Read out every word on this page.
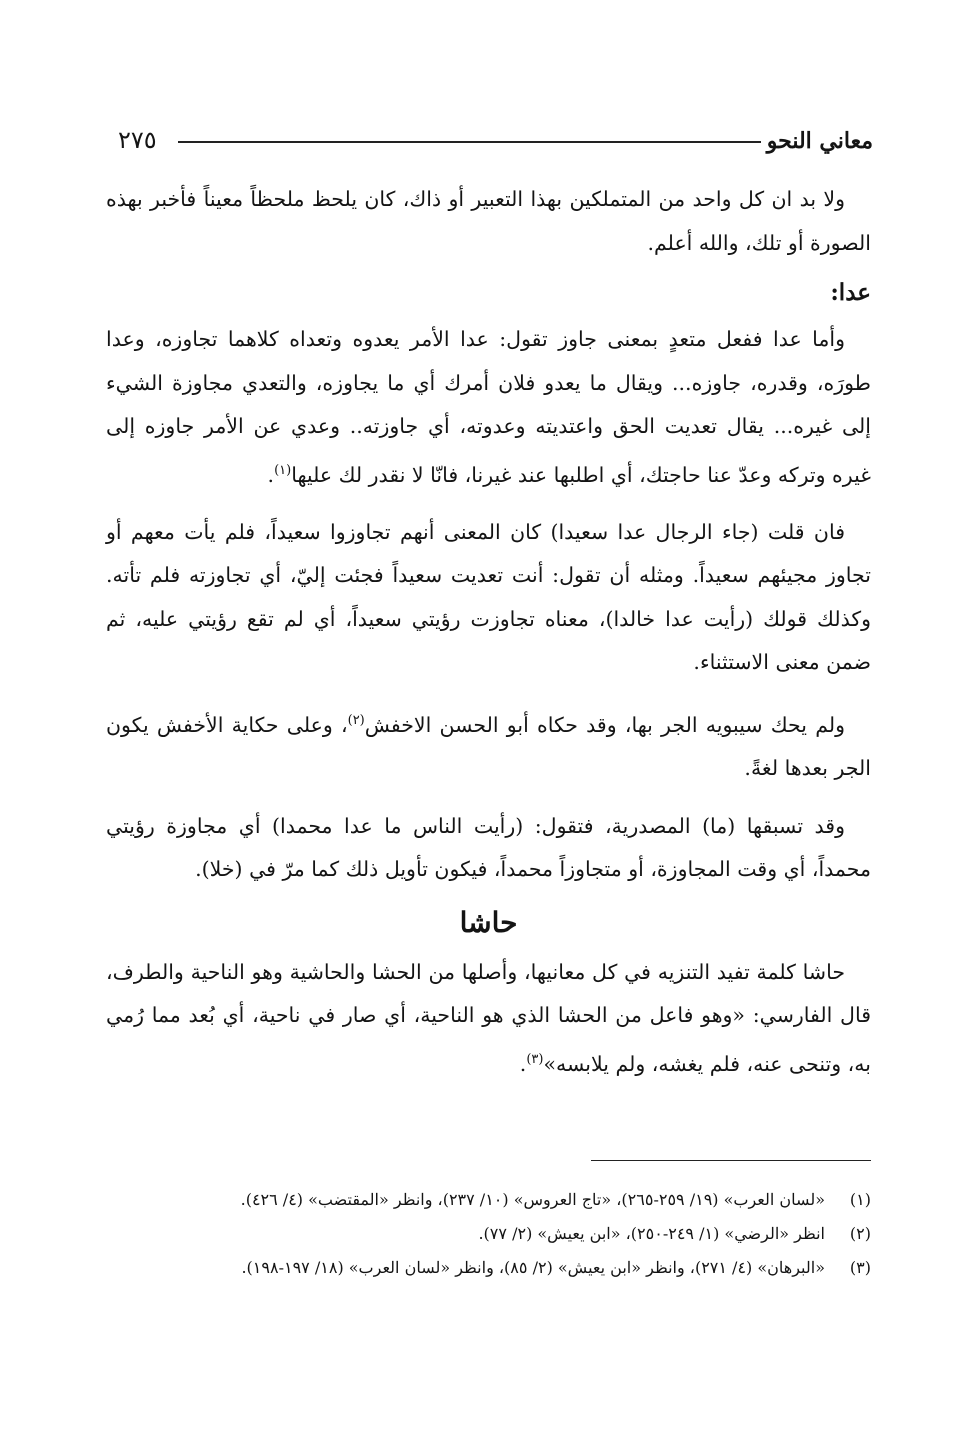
معاني النحو
٢٧٥

ولا بد ان كل واحد من المتملكين بهذا التعبير أو ذاك، كان يلحظ ملحظاً معيناً فأخبر بهذه الصورة أو تلك، والله أعلم.

عدا:

وأما عدا ففعل متعدٍ بمعنى جاوز تقول: عدا الأمر يعدوه وتعداه كلاهما تجاوزه، وعدا طورَه، وقدره، جاوزه... ويقال ما يعدو فلان أمرك أي ما يجاوزه، والتعدي مجاوزة الشيء إلى غيره... يقال تعديت الحق واعتديته وعدوته، أي جاوزته.. وعدي عن الأمر جاوزه إلى غيره وتركه وعدّ عنا حاجتك، أي اطلبها عند غيرنا، فانّا لا نقدر لك عليها$^{(١)}$.

فان قلت (جاء الرجال عدا سعيدا) كان المعنى أنهم تجاوزوا سعيداً، فلم يأت معهم أو تجاوز مجيئهم سعيداً. ومثله أن تقول: أنت تعديت سعيداً فجئت إليّ، أي تجاوزته فلم تأته. وكذلك قولك (رأيت عدا خالدا)، معناه تجاوزت رؤيتي سعيداً، أي لم تقع رؤيتي عليه، ثم ضمن معنى الاستثناء.

ولم يحك سيبويه الجر بها، وقد حكاه أبو الحسن الاخفش$^{(٢)}$، وعلى حكاية الأخفش يكون الجر بعدها لغةً.

وقد تسبقها (ما) المصدرية، فتقول: (رأيت الناس ما عدا محمدا) أي مجاوزة رؤيتي محمداً، أي وقت المجاوزة، أو متجاوزاً محمداً، فيكون تأويل ذلك كما مرّ في (خلا).

حاشا

حاشا كلمة تفيد التنزيه في كل معانيها، وأصلها من الحشا والحاشية وهو الناحية والطرف، قال الفارسي: «وهو فاعل من الحشا الذي هو الناحية، أي صار في ناحية، أي بُعد مما رُمي به، وتنحى عنه، فلم يغشه، ولم يلابسه»$^{(٣)}$.

(١)«لسان العرب» (١٩/ ٢٥٩-٢٦٥)، «تاج العروس» (١٠/ ٢٣٧)، وانظر «المقتضب» (٤/ ٤٢٦).
(٢)انظر «الرضي» (١/ ٢٤٩-٢٥٠)، «ابن يعيش» (٢/ ٧٧).
(٣)«البرهان» (٤/ ٢٧١)، وانظر «ابن يعيش» (٢/ ٨٥)، وانظر «لسان العرب» (١٨/ ١٩٧-١٩٨).
